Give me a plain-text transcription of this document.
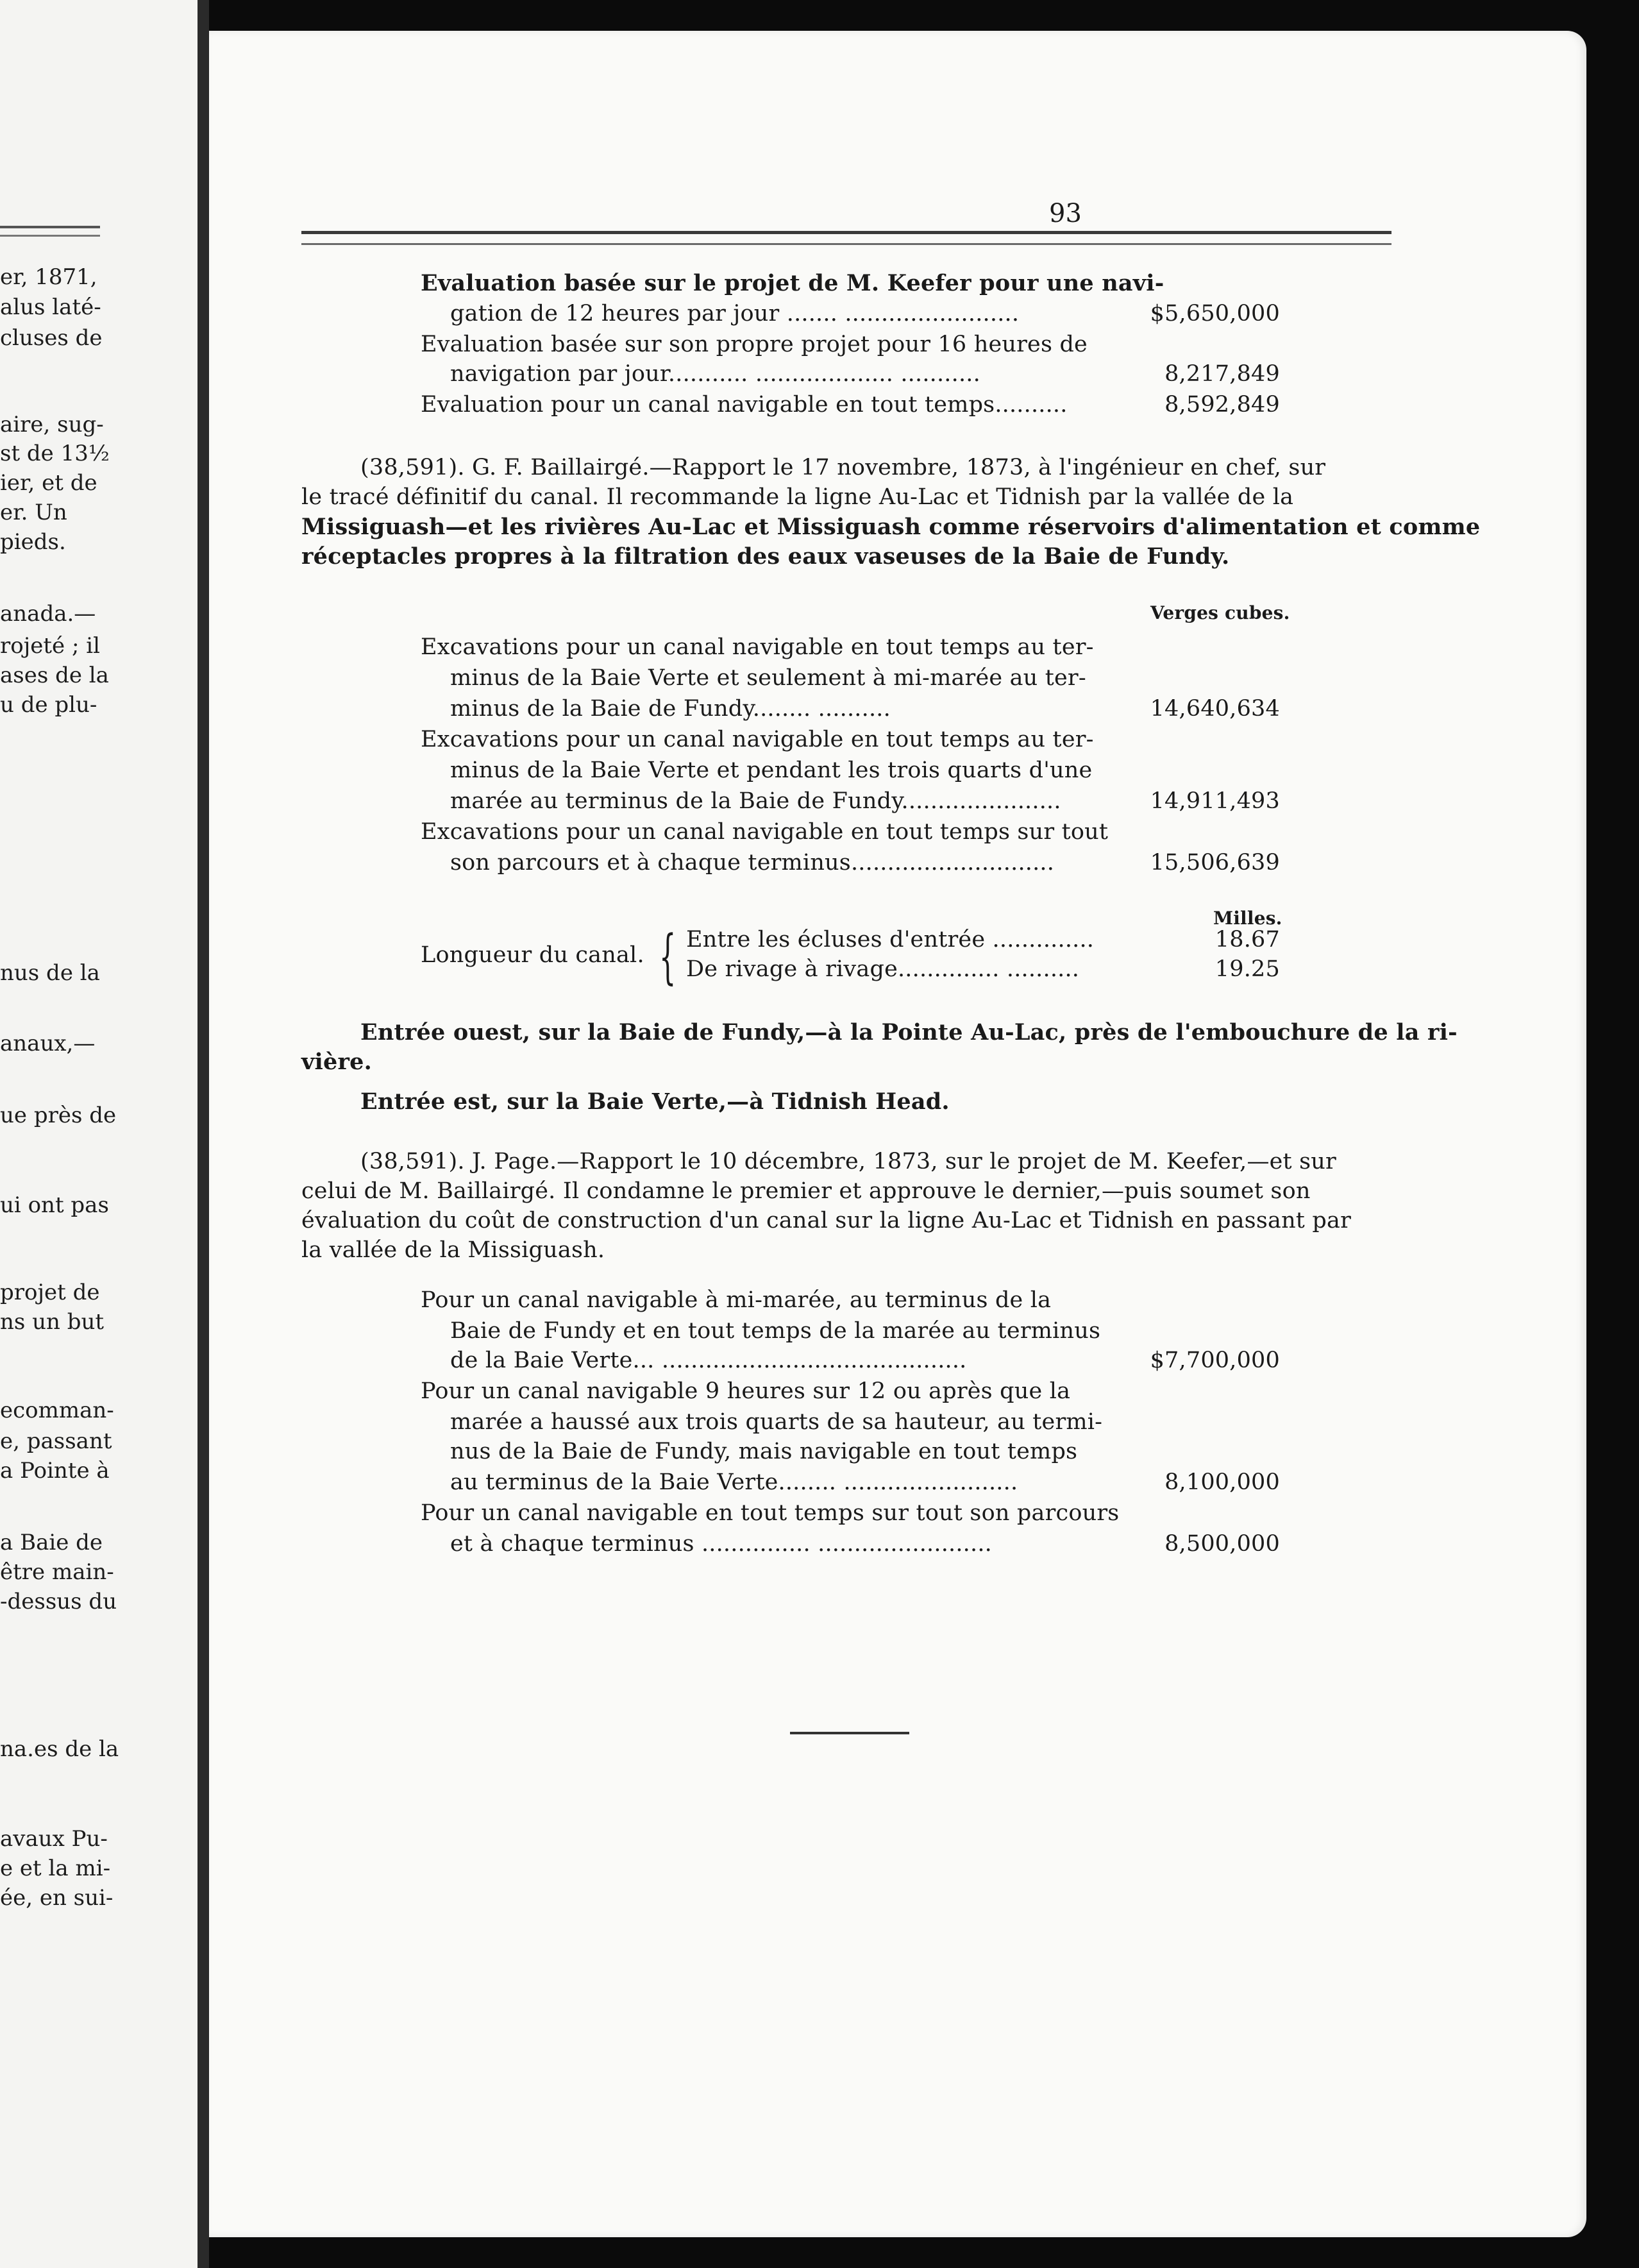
er, 1871,
alus laté-
cluses de
aire, sug-
st de 13½
ier, et de
er. Un
pieds.
anada.—
rojeté ; il
ases de la
u de plu-
nus de la
anaux,—
ue près de
ui ont pas
projet de
ns un but
ecomman-
e, passant
a Pointe à
a Baie de
être main-
-dessus du
na.es de la
avaux Pu-
e et la mi-
ée, en sui-
93
Evaluation basée sur le projet de M. Keefer pour une navi-
gation de 12 heures par jour ....... ........................	$5,650,000
Evaluation basée sur son propre projet pour 16 heures de
navigation par jour........... ................... ...........	8,217,849
Evaluation pour un canal navigable en tout temps..........	8,592,849
(38,591). G. F. Baillairgé.—Rapport le 17 novembre, 1873, à l'ingénieur en chef, sur
le tracé définitif du canal. Il recommande la ligne Au-Lac et Tidnish par la vallée de la
Missiguash—et les rivières Au-Lac et Missiguash comme réservoirs d'alimentation et comme
réceptacles propres à la filtration des eaux vaseuses de la Baie de Fundy.
Verges cubes.
Excavations pour un canal navigable en tout temps au ter-
minus de la Baie Verte et seulement à mi-marée au ter-
minus de la Baie de Fundy........ ..........	14,640,634
Excavations pour un canal navigable en tout temps au ter-
minus de la Baie Verte et pendant les trois quarts d'une
marée au terminus de la Baie de Fundy......................	14,911,493
Excavations pour un canal navigable en tout temps sur tout
son parcours et à chaque terminus............................	15,506,639
Milles.
Longueur du canal. { Entre les écluses d'entrée ..............	18.67
De rivage à rivage.............. ..........	19.25
Entrée ouest, sur la Baie de Fundy,—à la Pointe Au-Lac, près de l'embouchure de la ri-
vière.
Entrée est, sur la Baie Verte,—à Tidnish Head.
(38,591). J. Page.—Rapport le 10 décembre, 1873, sur le projet de M. Keefer,—et sur
celui de M. Baillairgé. Il condamne le premier et approuve le dernier,—puis soumet son
évaluation du coût de construction d'un canal sur la ligne Au-Lac et Tidnish en passant par
la vallée de la Missiguash.
Pour un canal navigable à mi-marée, au terminus de la
Baie de Fundy et en tout temps de la marée au terminus
de la Baie Verte... ..........................................	$7,700,000
Pour un canal navigable 9 heures sur 12 ou après que la
marée a haussé aux trois quarts de sa hauteur, au termi-
nus de la Baie de Fundy, mais navigable en tout temps
au terminus de la Baie Verte........ ........................	8,100,000
Pour un canal navigable en tout temps sur tout son parcours
et à chaque terminus ............... ........................	8,500,000
